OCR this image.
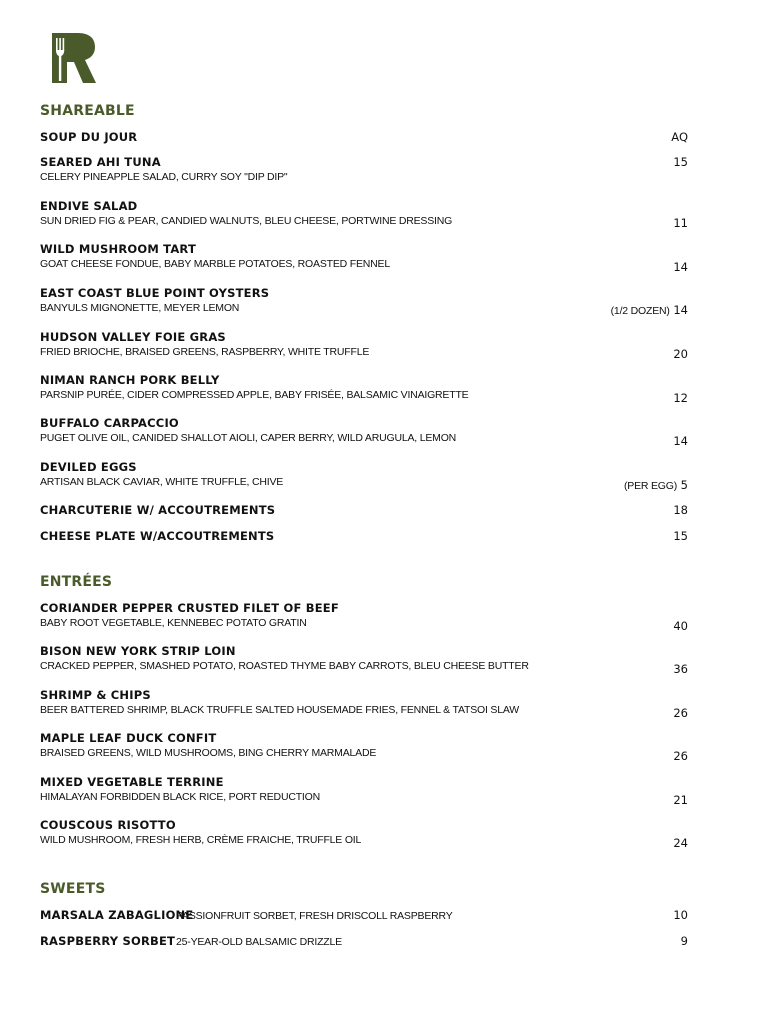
SHAREABLE
SOUP DU JOUR	AQ
SEARED AHI TUNA
CELERY PINEAPPLE SALAD, CURRY SOY "DIP DIP"
15
ENDIVE SALAD
SUN DRIED FIG & PEAR, CANDIED WALNUTS, BLEU CHEESE, PORTWINE DRESSING	11
WILD MUSHROOM TART
GOAT CHEESE FONDUE, BABY MARBLE POTATOES, ROASTED FENNEL	14
EAST COAST BLUE POINT OYSTERS
BANYULS MIGNONETTE, MEYER LEMON	(1/2 DOZEN) 14
HUDSON VALLEY FOIE GRAS
FRIED BRIOCHE, BRAISED GREENS, RASPBERRY, WHITE TRUFFLE	20
NIMAN RANCH PORK BELLY
PARSNIP PURÉE, CIDER COMPRESSED APPLE, BABY FRISÉE, BALSAMIC VINAIGRETTE	12
BUFFALO CARPACCIO
PUGET OLIVE OIL, CANIDED SHALLOT AIOLI, CAPER BERRY, WILD ARUGULA, LEMON	14
DEVILED EGGS
ARTISAN BLACK CAVIAR, WHITE TRUFFLE, CHIVE	(PER EGG) 5
CHARCUTERIE W/ ACCOUTREMENTS	18
CHEESE PLATE W/ACCOUTREMENTS	15
ENTRÉES
CORIANDER PEPPER CRUSTED FILET OF BEEF
BABY ROOT VEGETABLE, KENNEBEC POTATO GRATIN	40
BISON NEW YORK STRIP LOIN
CRACKED PEPPER, SMASHED POTATO, ROASTED THYME BABY CARROTS, BLEU CHEESE BUTTER	36
SHRIMP & CHIPS
BEER BATTERED SHRIMP, BLACK TRUFFLE SALTED HOUSEMADE FRIES, FENNEL & TATSOI SLAW	26
MAPLE LEAF DUCK CONFIT
BRAISED GREENS, WILD MUSHROOMS, BING CHERRY MARMALADE	26
MIXED VEGETABLE TERRINE
HIMALAYAN FORBIDDEN BLACK RICE, PORT REDUCTION	21
COUSCOUS RISOTTO
WILD MUSHROOM, FRESH HERB, CRÈME FRAICHE, TRUFFLE OIL	24
SWEETS
MARSALA ZABAGLIONE
PASSIONFRUIT SORBET, FRESH DRISCOLL RASPBERRY	10
RASPBERRY SORBET 25-YEAR-OLD BALSAMIC DRIZZLE	9
